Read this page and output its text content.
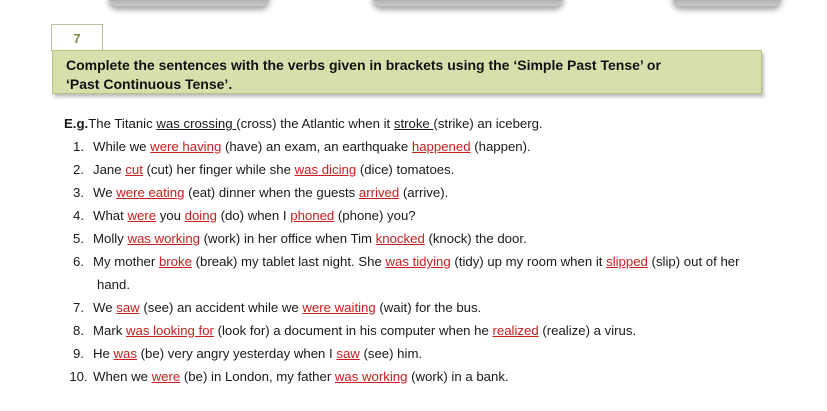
7
Complete the sentences with the verbs given in brackets using the ‘Simple Past Tense’ or
‘Past Continuous Tense’.
E.g. The Titanic was crossing (cross) the Atlantic when it stroke (strike) an iceberg.
1. While we were having (have) an exam, an earthquake happened (happen).
2. Jane cut (cut) her finger while she was dicing (dice) tomatoes.
3. We were eating (eat) dinner when the guests arrived (arrive).
4. What were you doing (do) when I phoned (phone) you?
5. Molly was working (work) in her office when Tim knocked (knock) the door.
6. My mother broke (break) my tablet last night. She was tidying (tidy) up my room when it slipped (slip) out of her
hand.
7. We saw (see) an accident while we were waiting (wait) for the bus.
8. Mark was looking for (look for) a document in his computer when he realized (realize) a virus.
9. He was (be) very angry yesterday when I saw (see) him.
10. When we were (be) in London, my father was working (work) in a bank.
